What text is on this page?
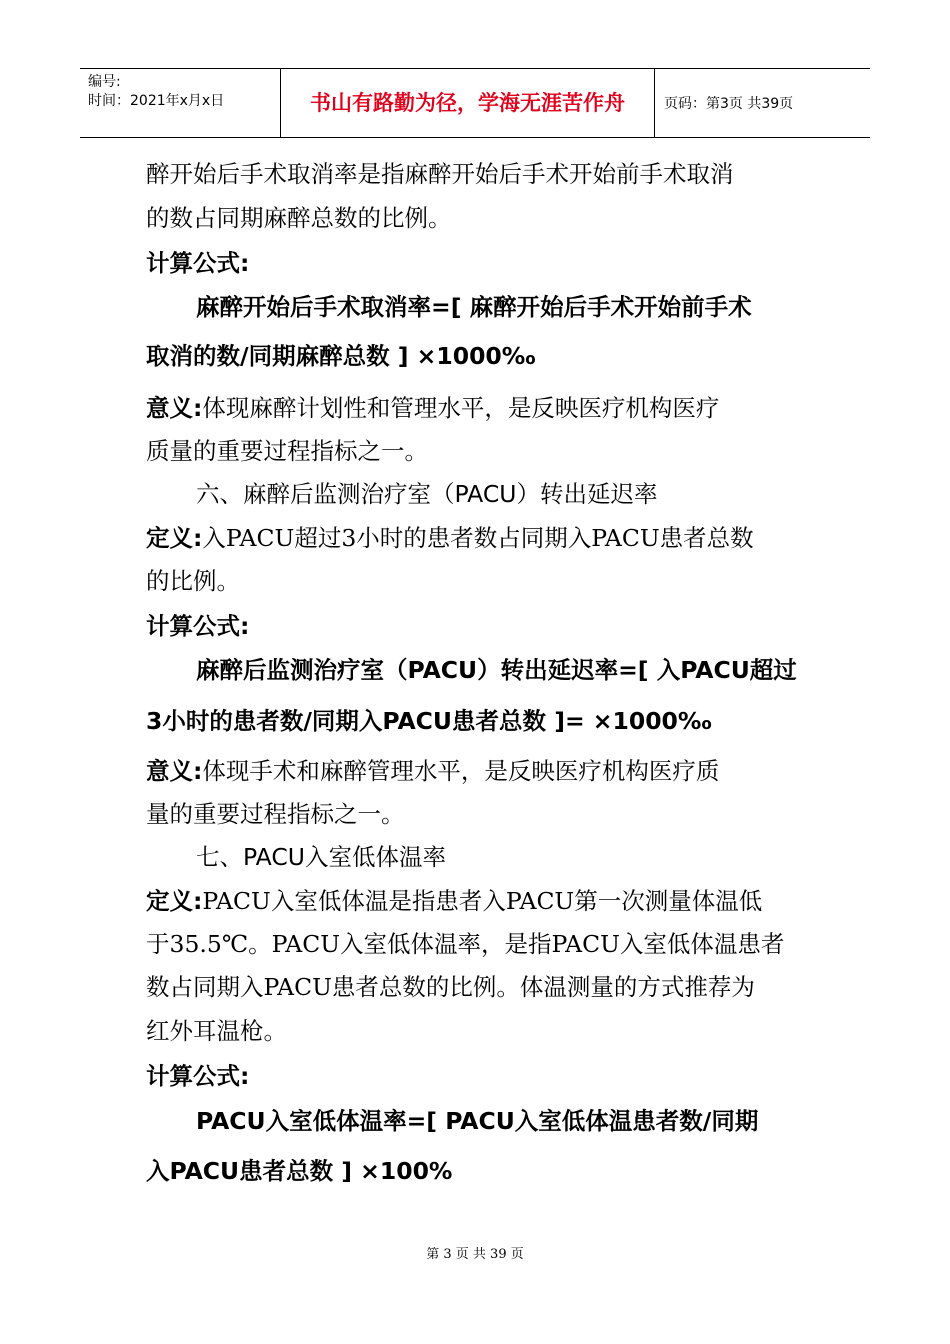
编号:
时间：2021年x月x日	书山有路勤为径，学海无涯苦作舟	页码：第3页 共39页
醉开始后手术取消率是指麻醉开始后手术开始前手术取消
的数占同期麻醉总数的比例。
计算公式:
麻醉开始后手术取消率=[ 麻醉开始后手术开始前手术
取消的数/同期麻醉总数 ] ×1000‰
意义:体现麻醉计划性和管理水平，是反映医疗机构医疗
质量的重要过程指标之一。
六、麻醉后监测治疗室（PACU）转出延迟率
定义:入PACU超过3小时的患者数占同期入PACU患者总数
的比例。
计算公式:
麻醉后监测治疗室（PACU）转出延迟率=[ 入PACU超过
3小时的患者数/同期入PACU患者总数 ]= ×1000‰
意义:体现手术和麻醉管理水平，是反映医疗机构医疗质
量的重要过程指标之一。
七、PACU入室低体温率
定义:PACU入室低体温是指患者入PACU第一次测量体温低
于35.5℃。PACU入室低体温率，是指PACU入室低体温患者
数占同期入PACU患者总数的比例。体温测量的方式推荐为
红外耳温枪。
计算公式:
PACU入室低体温率=[ PACU入室低体温患者数/同期
入PACU患者总数 ] ×100%
第 3 页 共 39 页
